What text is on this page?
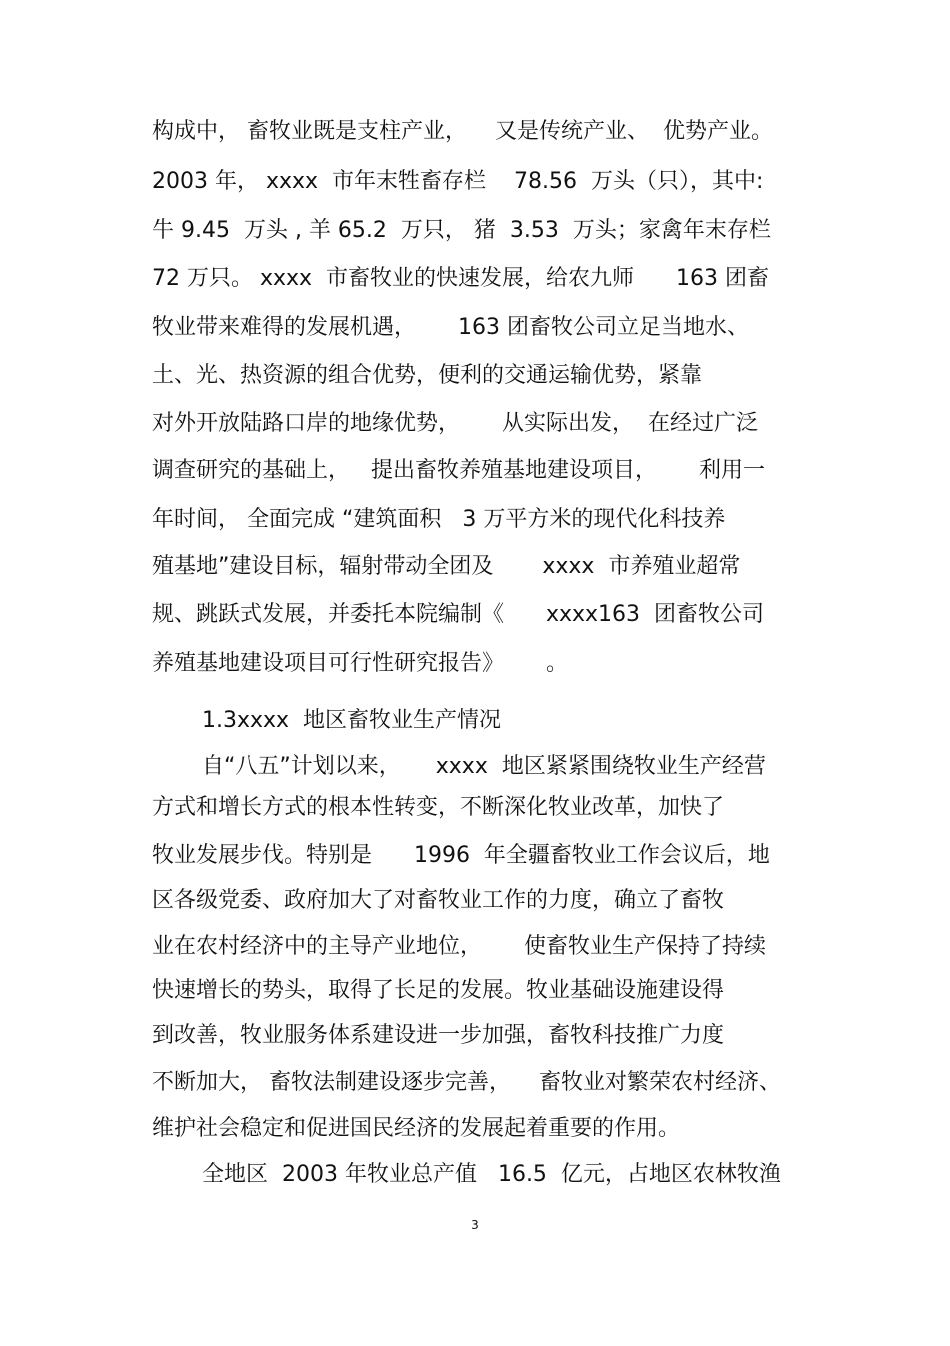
构成中， 畜牧业既是支柱产业，    又是传统产业、  优势产业。
2003 年， xxxx  市年末牲畜存栏    78.56  万头（只），其中:
牛 9.45  万头 , 羊 65.2  万只， 猪  3.53  万头；家禽年末存栏
72 万只。 xxxx  市畜牧业的快速发展，给农九师      163 团畜
牧业带来难得的发展机遇，      163 团畜牧公司立足当地水、
土、光、热资源的组合优势，便利的交通运输优势，紧靠
对外开放陆路口岸的地缘优势，      从实际出发，  在经过广泛
调查研究的基础上，   提出畜牧养殖基地建设项目，      利用一
年时间， 全面完成 “建筑面积   3 万平方米的现代化科技养
殖基地”建设目标，辐射带动全团及       xxxx  市养殖业超常
规、跳跃式发展，并委托本院编制《      xxxx163  团畜牧公司
养殖基地建设项目可行性研究报告》      。
1.3xxxx  地区畜牧业生产情况
自“八五”计划以来，     xxxx  地区紧紧围绕牧业生产经营
方式和增长方式的根本性转变，不断深化牧业改革，加快了
牧业发展步伐。特别是      1996  年全疆畜牧业工作会议后，地
区各级党委、政府加大了对畜牧业工作的力度，确立了畜牧
业在农村经济中的主导产业地位，      使畜牧业生产保持了持续
快速增长的势头，取得了长足的发展。牧业基础设施建设得
到改善，牧业服务体系建设进一步加强，畜牧科技推广力度
不断加大， 畜牧法制建设逐步完善，    畜牧业对繁荣农村经济、
维护社会稳定和促进国民经济的发展起着重要的作用。
全地区  2003 年牧业总产值   16.5  亿元，占地区农林牧渔
3
